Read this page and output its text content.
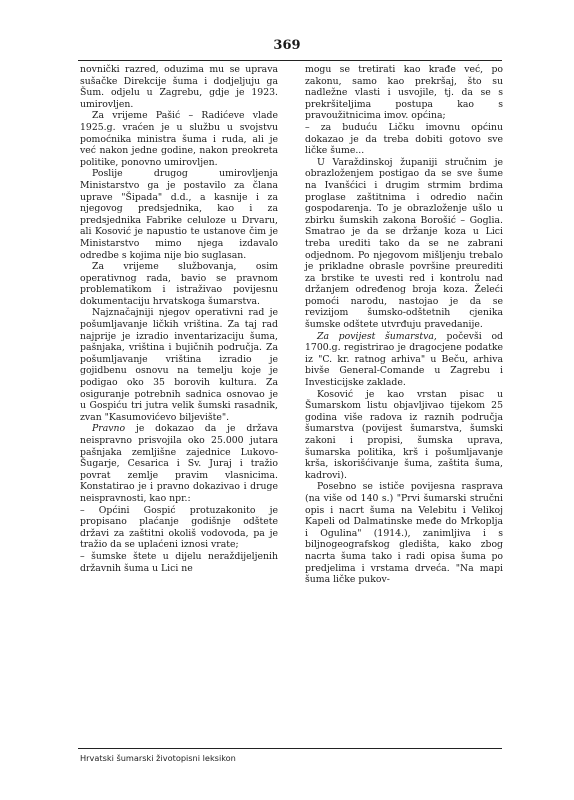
369

novnički razred, oduzima mu se uprava sušačke Direkcije šuma i dodjeljuju ga Šum. odjelu u Zagrebu, gdje je 1923. umirovljen.

Za vrijeme Pašić – Radićeve vlade 1925.g. vraćen je u službu u svojstvu pomoćnika ministra šuma i ruda, ali je već nakon jedne godine, nakon preokreta politike, ponovno umirovljen.

Poslije drugog umirovljenja Ministarstvo ga je postavilo za člana uprave "Šipada" d.d., a kasnije i za njegovog predsjednika, kao i za predsjednika Fabrike celuloze u Drvaru, ali Kosović je napustio te ustanove čim je Ministarstvo mimo njega izdavalo odredbe s kojima nije bio suglasan.

Za vrijeme službovanja, osim operativnog rada, bavio se pravnom problematikom i istraživao povijesnu dokumentaciju hrvatskoga šumarstva.

Najznačajniji njegov operativni rad je pošumljavanje ličkih vriština. Za taj rad najprije je izradio inventarizaciju šuma, pašnjaka, vriština i bujičnih područja. Za pošumljavanje vriština izradio je gojidbenu osnovu na temelju koje je podigao oko 35 borovih kultura. Za osiguranje potrebnih sadnica osnovao je u Gospiću tri jutra velik šumski rasadnik, zvan "Kasumovićevo biljevište".

Pravno je dokazao da je država neispravno prisvojila oko 25.000 jutara pašnjaka zemljišne zajednice Lukovo-Šugarje, Cesarica i Sv. Juraj i tražio povrat zemlje pravim vlasnicima. Konstatirao je i pravno dokazivao i druge neispravnosti, kao npr.:

– Općini Gospić protuzakonito je propisano plaćanje godišnje odštete državi za zaštitni okoliš vodovoda, pa je tražio da se uplaćeni iznosi vrate;

– šumske štete u dijelu neraždijeljenih državnih šuma u Lici ne

mogu se tretirati kao krađe već, po zakonu, samo kao prekršaj, što su nadležne vlasti i usvojile, tj. da se s prekršiteljima postupa kao s pravoužitnicima imov. općina;

– za buduću Ličku imovnu općinu dokazao je da treba dobiti gotovo sve ličke šume...

U Varaždinskoj županiji stručnim je obrazloženjem postigao da se sve šume na Ivanšćici i drugim strmim brdima proglase zaštitnima i odredio način gospodarenja. To je obrazloženje ušlo u zbirku šumskih zakona Borošić – Goglia. Smatrao je da se držanje koza u Lici treba urediti tako da se ne zabrani odjednom. Po njegovom mišljenju trebalo je prikladne obrasle površine preurediti za brstike te uvesti red i kontrolu nad držanjem određenog broja koza. Želeći pomoći narodu, nastojao je da se revizijom šumsko-odštetnih cjenika šumske odštete utvrđuju pravedanije.

Za povijest šumarstva, počevši od 1700.g. registrirao je dragocjene podatke iz "C. kr. ratnog arhiva" u Beču, arhiva bivše General-Comande u Zagrebu i Investicijske zaklade.

Kosović je kao vrstan pisac u Šumarskom listu objavljivao tijekom 25 godina više radova iz raznih područja šumarstva (povijest šumarstva, šumski zakoni i propisi, šumska uprava, šumarska politika, krš i pošumljavanje krša, iskorišćivanje šuma, zaštita šuma, kadrovi).

Posebno se ističe povijesna rasprava (na više od 140 s.) "Prvi šumarski stručni opis i nacrt šuma na Velebitu i Velikoj Kapeli od Dalmatinske međe do Mrkoplja i Ogulina" (1914.), zanimljiva i s biljnogeografskog gledišta, kako zbog nacrta šuma tako i radi opisa šuma po predjelima i vrstama drveća. "Na mapi šuma ličke pukov-

Hrvatski šumarski životopisni leksikon
